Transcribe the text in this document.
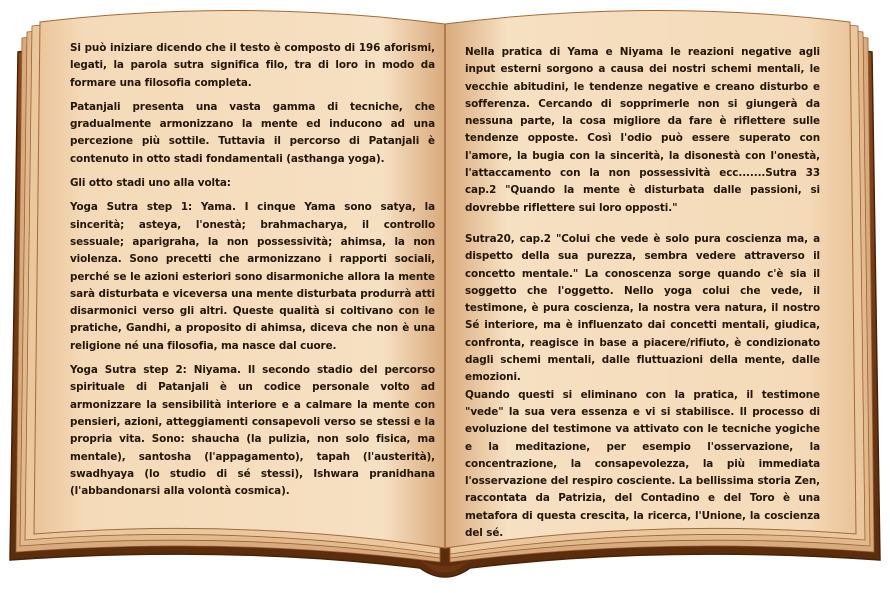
Si può iniziare dicendo che il testo è composto di 196 aforismi, legati, la parola sutra significa filo, tra di loro in modo da formare una filosofia completa.

Patanjali presenta una vasta gamma di tecniche, che gradualmente armonizzano la mente ed inducono ad una percezione più sottile. Tuttavia il percorso di Patanjali è contenuto in otto stadi fondamentali (asthanga yoga).

Gli otto stadi uno alla volta:

Yoga Sutra step 1: Yama. I cinque Yama sono satya, la sincerità; asteya, l'onestà; brahmacharya, il controllo sessuale; aparigraha, la non possessività; ahimsa, la non violenza. Sono precetti che armonizzano i rapporti sociali, perché se le azioni esteriori sono disarmoniche allora la mente sarà disturbata e viceversa una mente disturbata produrrà atti disarmonici verso gli altri. Queste qualità si coltivano con le pratiche, Gandhi, a proposito di ahimsa, diceva che non è una religione né una filosofia, ma nasce dal cuore.

Yoga Sutra step 2: Niyama. Il secondo stadio del percorso spirituale di Patanjali è un codice personale volto ad armonizzare la sensibilità interiore e a calmare la mente con pensieri, azioni, atteggiamenti consapevoli verso se stessi e la propria vita. Sono: shaucha (la pulizia, non solo fisica, ma mentale), santosha (l'appagamento), tapah (l'austerità), swadhyaya (lo studio di sé stessi), Ishwara pranidhana (l'abbandonarsi alla volontà cosmica).

Nella pratica di Yama e Niyama le reazioni negative agli input esterni sorgono a causa dei nostri schemi mentali, le vecchie abitudini, le tendenze negative e creano disturbo e sofferenza. Cercando di sopprimerle non si giungerà da nessuna parte, la cosa migliore da fare è riflettere sulle tendenze opposte. Così l'odio può essere superato con l'amore, la bugia con la sincerità, la disonestà con l'onestà, l'attaccamento con la non possessività ecc.......Sutra 33 cap.2 "Quando la mente è disturbata dalle passioni, si dovrebbe riflettere sui loro opposti."

Sutra20, cap.2 "Colui che vede è solo pura coscienza ma, a dispetto della sua purezza, sembra vedere attraverso il concetto mentale." La conoscenza sorge quando c'è sia il soggetto che l'oggetto. Nello yoga colui che vede, il testimone, è pura coscienza, la nostra vera natura, il nostro Sé interiore, ma è influenzato dai concetti mentali, giudica, confronta, reagisce in base a piacere/rifiuto, è condizionato dagli schemi mentali, dalle fluttuazioni della mente, dalle emozioni.

Quando questi si eliminano con la pratica, il testimone "vede" la sua vera essenza e vi si stabilisce. Il processo di evoluzione del testimone va attivato con le tecniche yogiche e la meditazione, per esempio l'osservazione, la concentrazione, la consapevolezza, la più immediata l'osservazione del respiro cosciente. La bellissima storia Zen, raccontata da Patrizia, del Contadino e del Toro è una metafora di questa crescita, la ricerca, l'Unione, la coscienza del sé.
